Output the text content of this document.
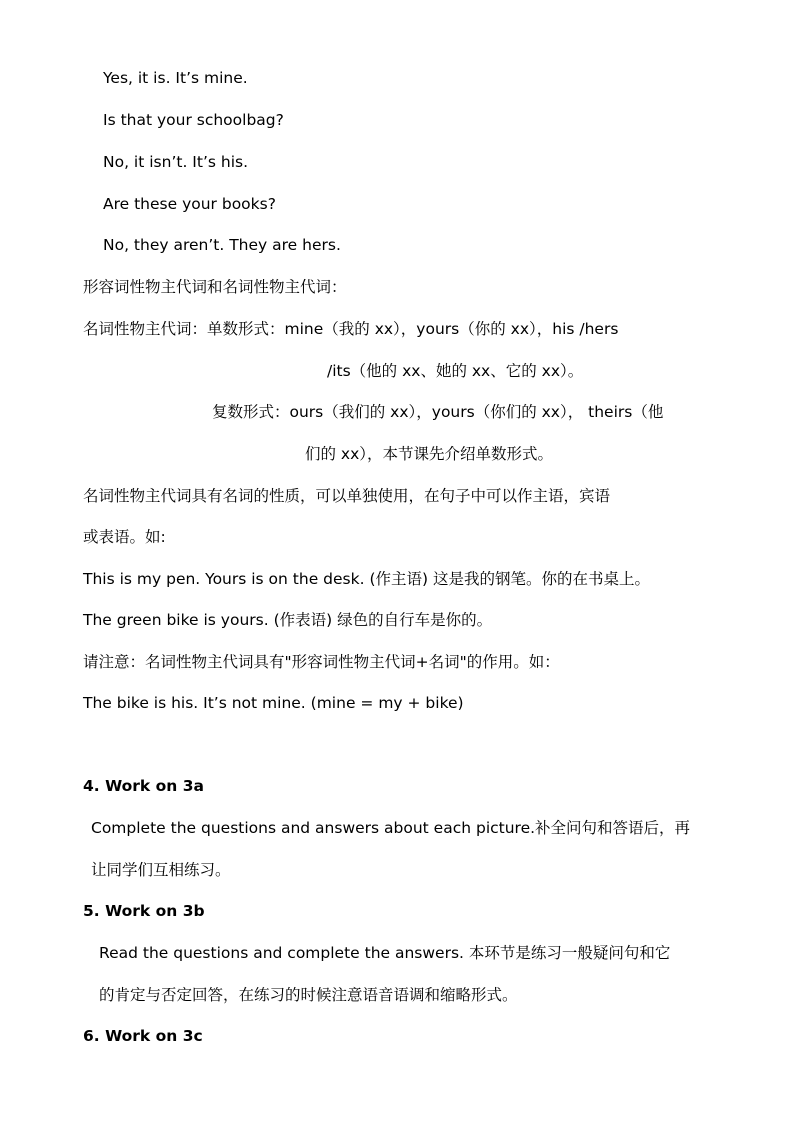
Yes, it is. It’s mine.
Is that your schoolbag?
No, it isn’t. It’s his.
Are these your books?
No, they aren’t. They are hers.
形容词性物主代词和名词性物主代词：
名词性物主代词：单数形式：mine（我的 xx），yours（你的 xx），his /hers
/its（他的 xx、她的 xx、它的 xx）。
复数形式：ours（我们的 xx），yours（你们的 xx）， theirs（他
们的 xx），本节课先介绍单数形式。
名词性物主代词具有名词的性质，可以单独使用，在句子中可以作主语，宾语
或表语。如:
This is my pen. Yours is on the desk. (作主语) 这是我的钢笔。你的在书桌上。
The green bike is yours. (作表语) 绿色的自行车是你的。
请注意：名词性物主代词具有"形容词性物主代词+名词"的作用。如：
The bike is his. It’s not mine. (mine = my + bike)
4. Work on 3a
Complete the questions and answers about each picture.补全问句和答语后，再
让同学们互相练习。
5. Work on 3b
Read the questions and complete the answers. 本环节是练习一般疑问句和它
的肯定与否定回答，在练习的时候注意语音语调和缩略形式。
6. Work on 3c
